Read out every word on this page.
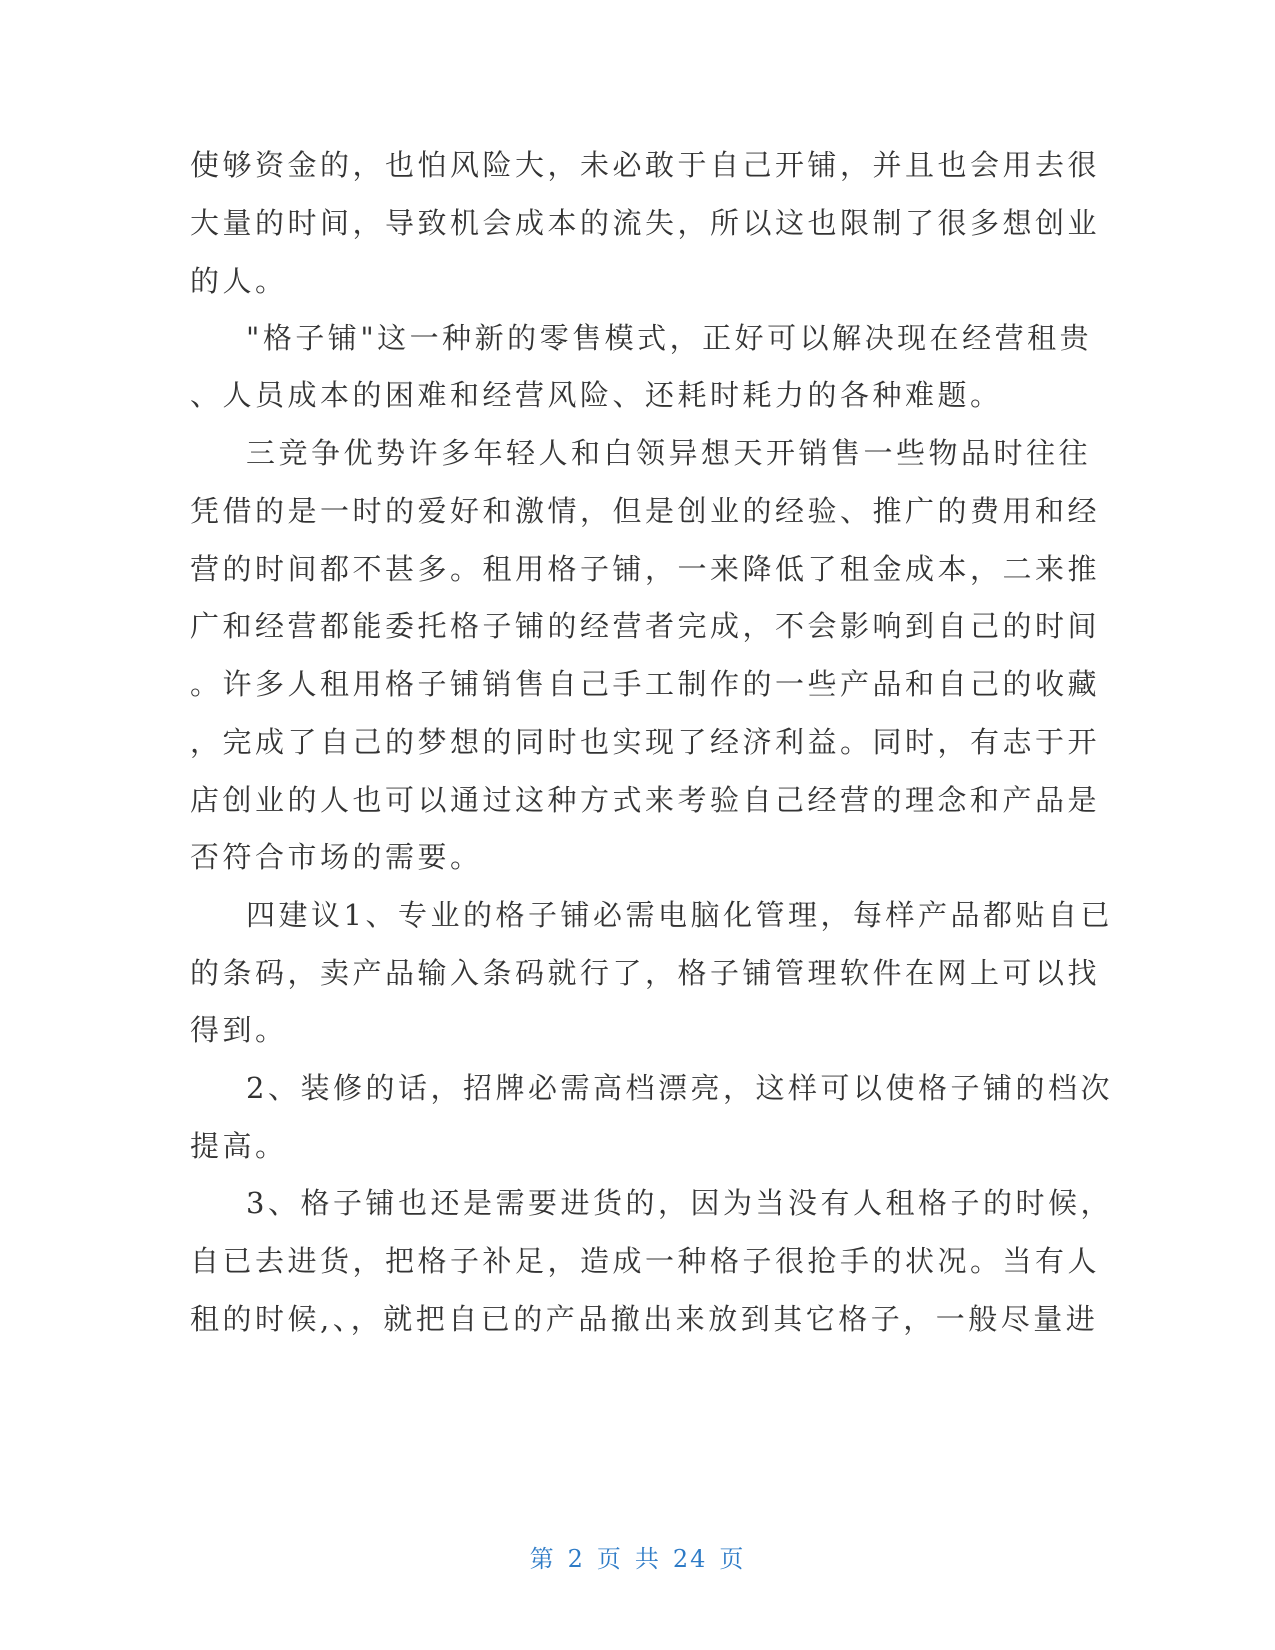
使够资金的，也怕风险大，未必敢于自己开铺，并且也会用去很
大量的时间，导致机会成本的流失，所以这也限制了很多想创业
的人。
"格子铺"这一种新的零售模式，正好可以解决现在经营租贵
、人员成本的困难和经营风险、还耗时耗力的各种难题。
三竞争优势许多年轻人和白领异想天开销售一些物品时往往
凭借的是一时的爱好和激情，但是创业的经验、推广的费用和经
营的时间都不甚多。租用格子铺，一来降低了租金成本，二来推
广和经营都能委托格子铺的经营者完成，不会影响到自己的时间
。许多人租用格子铺销售自己手工制作的一些产品和自己的收藏
，完成了自己的梦想的同时也实现了经济利益。同时，有志于开
店创业的人也可以通过这种方式来考验自己经营的理念和产品是
否符合市场的需要。
四建议1、专业的格子铺必需电脑化管理，每样产品都贴自已
的条码，卖产品输入条码就行了，格子铺管理软件在网上可以找
得到。
2、装修的话，招牌必需高档漂亮，这样可以使格子铺的档次
提高。
3、格子铺也还是需要进货的，因为当没有人租格子的时候，
自已去进货，把格子补足，造成一种格子很抢手的状况。当有人
租的时候,、，就把自已的产品撤出来放到其它格子，一般尽量进
第 2 页 共 24 页
